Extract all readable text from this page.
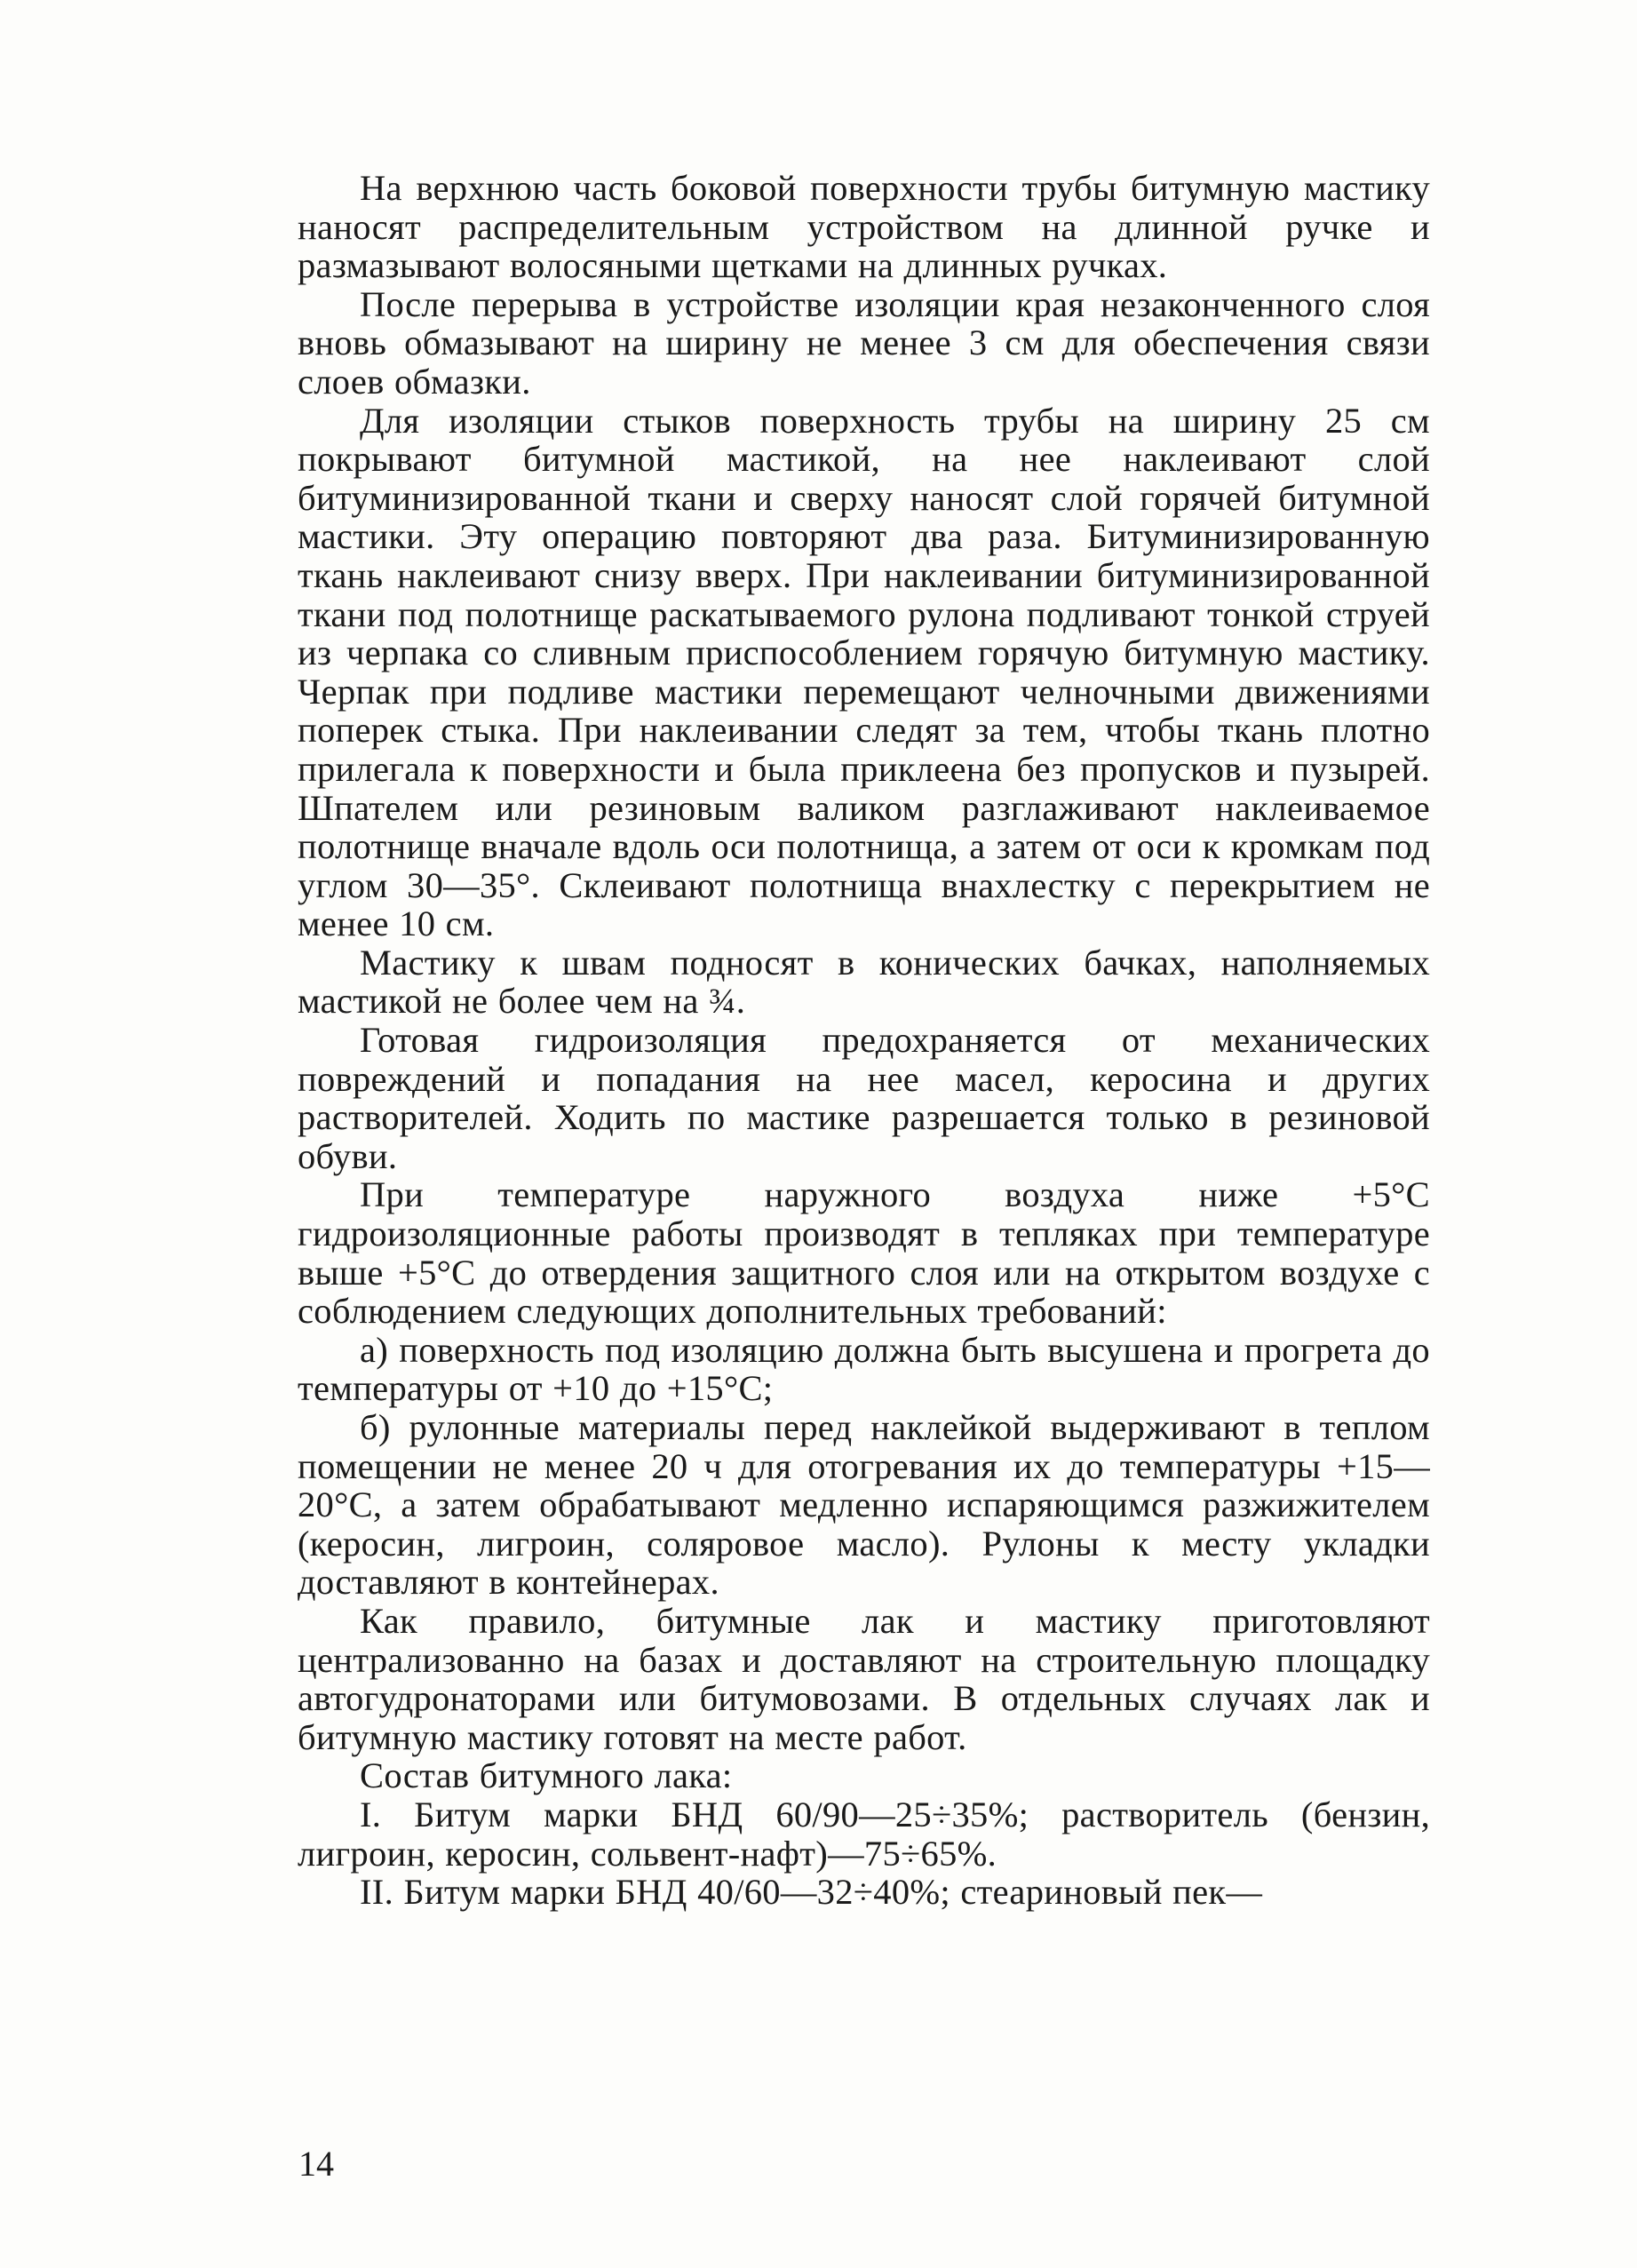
На верхнюю часть боковой поверхности трубы битумную мастику наносят распределительным устройством на длинной ручке и размазывают волосяными щетками на длинных ручках.

После перерыва в устройстве изоляции края незаконченного слоя вновь обмазывают на ширину не менее 3 см для обеспечения связи слоев обмазки.

Для изоляции стыков поверхность трубы на ширину 25 см покрывают битумной мастикой, на нее наклеивают слой битуминизированной ткани и сверху наносят слой горячей битумной мастики. Эту операцию повторяют два раза. Битуминизированную ткань наклеивают снизу вверх. При наклеивании битуминизированной ткани под полотнище раскатываемого рулона подливают тонкой струей из черпака со сливным приспособлением горячую битумную мастику. Черпак при подливе мастики перемещают челночными движениями поперек стыка. При наклеивании следят за тем, чтобы ткань плотно прилегала к поверхности и была приклеена без пропусков и пузырей. Шпателем или резиновым валиком разглаживают наклеиваемое полотнище вначале вдоль оси полотнища, а затем от оси к кромкам под углом 30—35°. Склеивают полотнища внахлестку с перекрытием не менее 10 см.

Мастику к швам подносят в конических бачках, наполняемых мастикой не более чем на ¾.

Готовая гидроизоляция предохраняется от механических повреждений и попадания на нее масел, керосина и других растворителей. Ходить по мастике разрешается только в резиновой обуви.

При температуре наружного воздуха ниже +5°С гидроизоляционные работы производят в тепляках при температуре выше +5°С до отвердения защитного слоя или на открытом воздухе с соблюдением следующих дополнительных требований:

а) поверхность под изоляцию должна быть высушена и прогрета до температуры от +10 до +15°С;

б) рулонные материалы перед наклейкой выдерживают в теплом помещении не менее 20 ч для отогревания их до температуры +15—20°С, а затем обрабатывают медленно испаряющимся разжижителем (керосин, лигроин, соляровое масло). Рулоны к месту укладки доставляют в контейнерах.

Как правило, битумные лак и мастику приготовляют централизованно на базах и доставляют на строительную площадку автогудронаторами или битумовозами. В отдельных случаях лак и битумную мастику готовят на месте работ.

Состав битумного лака:

I. Битум марки БНД 60/90—25÷35%; растворитель (бензин, лигроин, керосин, сольвент-нафт)—75÷65%.

II. Битум марки БНД 40/60—32÷40%; стеариновый пек—

14
